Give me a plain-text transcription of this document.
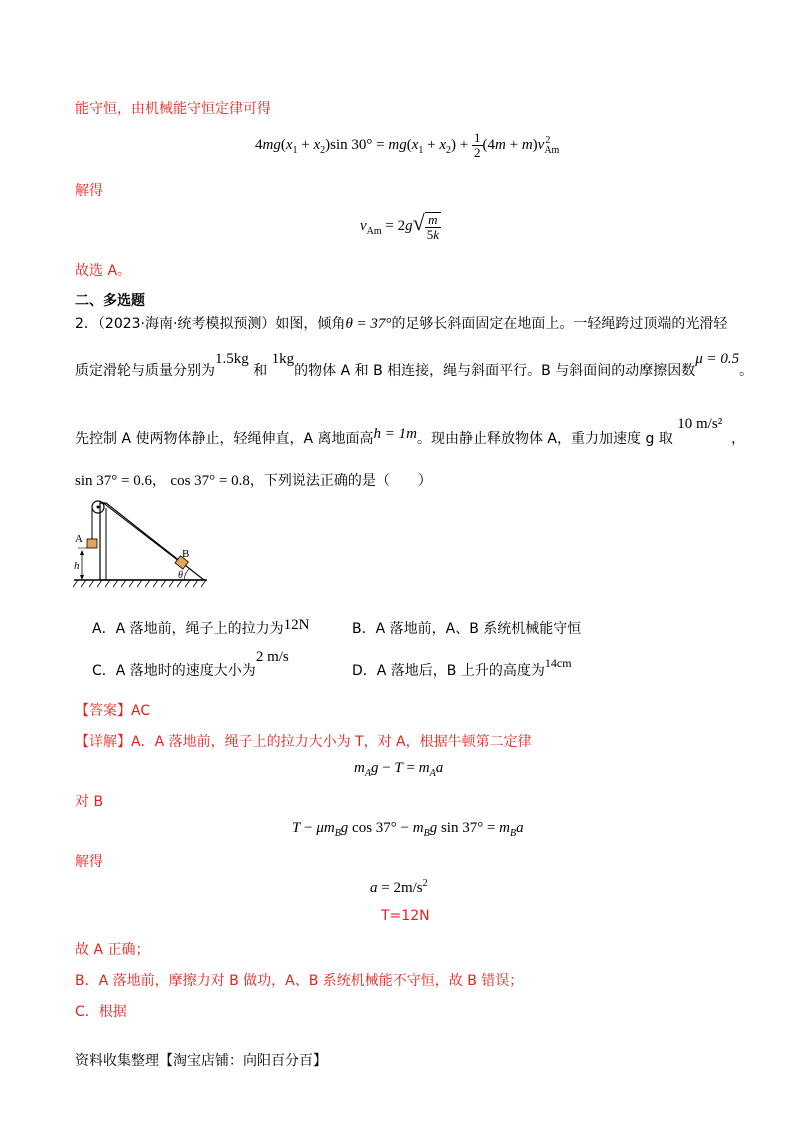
能守恒，由机械能守恒定律可得
$4mg(x_1 + x_2)\sin$ $30^\circ = mg(x_1 + x_2) + \frac{1}{2} (4m + m)v_{Am}^2$
解得
$v_{Am} = 2g√ \frac{m}{5k}$
故选 A。
二、多选题
2．（2023·海南·统考模拟预测）如图，倾角θ = 37°的足够长斜面固定在地面上。一轻绳跨过顶端的光滑轻
质定滑轮与质量分别为1.5kg 和 1kg的物体 A 和 B 相连接，绳与斜面平行。B 与斜面间的动摩擦因数μ = 0.5。
先控制 A 使两物体静止，轻绳伸直，A 离地面高h = 1m。现由静止释放物体 A，重力加速度 g 取 10 m/s²  ，
sin 37° = 0.6， cos 37° = 0.8，下列说法正确的是（　　）
A
B
h
θ
A．A 落地前，绳子上的拉力为12N	B．A 落地前，A、B 系统机械能守恒
C．A 落地时的速度大小为2 m/s
D．A 落地后，B 上升的高度为14cm
【答案】AC
【详解】A．A 落地前，绳子上的拉力大小为 T，对 A，根据牛顿第二定律
$m_Ag - T = m_Aa$
对 B
$T - \mu m_Bg$ $\cos 37^\circ - m_Bg$ $\sin 37^\circ = m_Ba$
解得
$a = 2m/s^2$
T=12N
故 A 正确；
B．A 落地前，摩擦力对 B 做功，A、B 系统机械能不守恒，故 B 错误；
C．根据
资料收集整理【淘宝店铺：向阳百分百】
